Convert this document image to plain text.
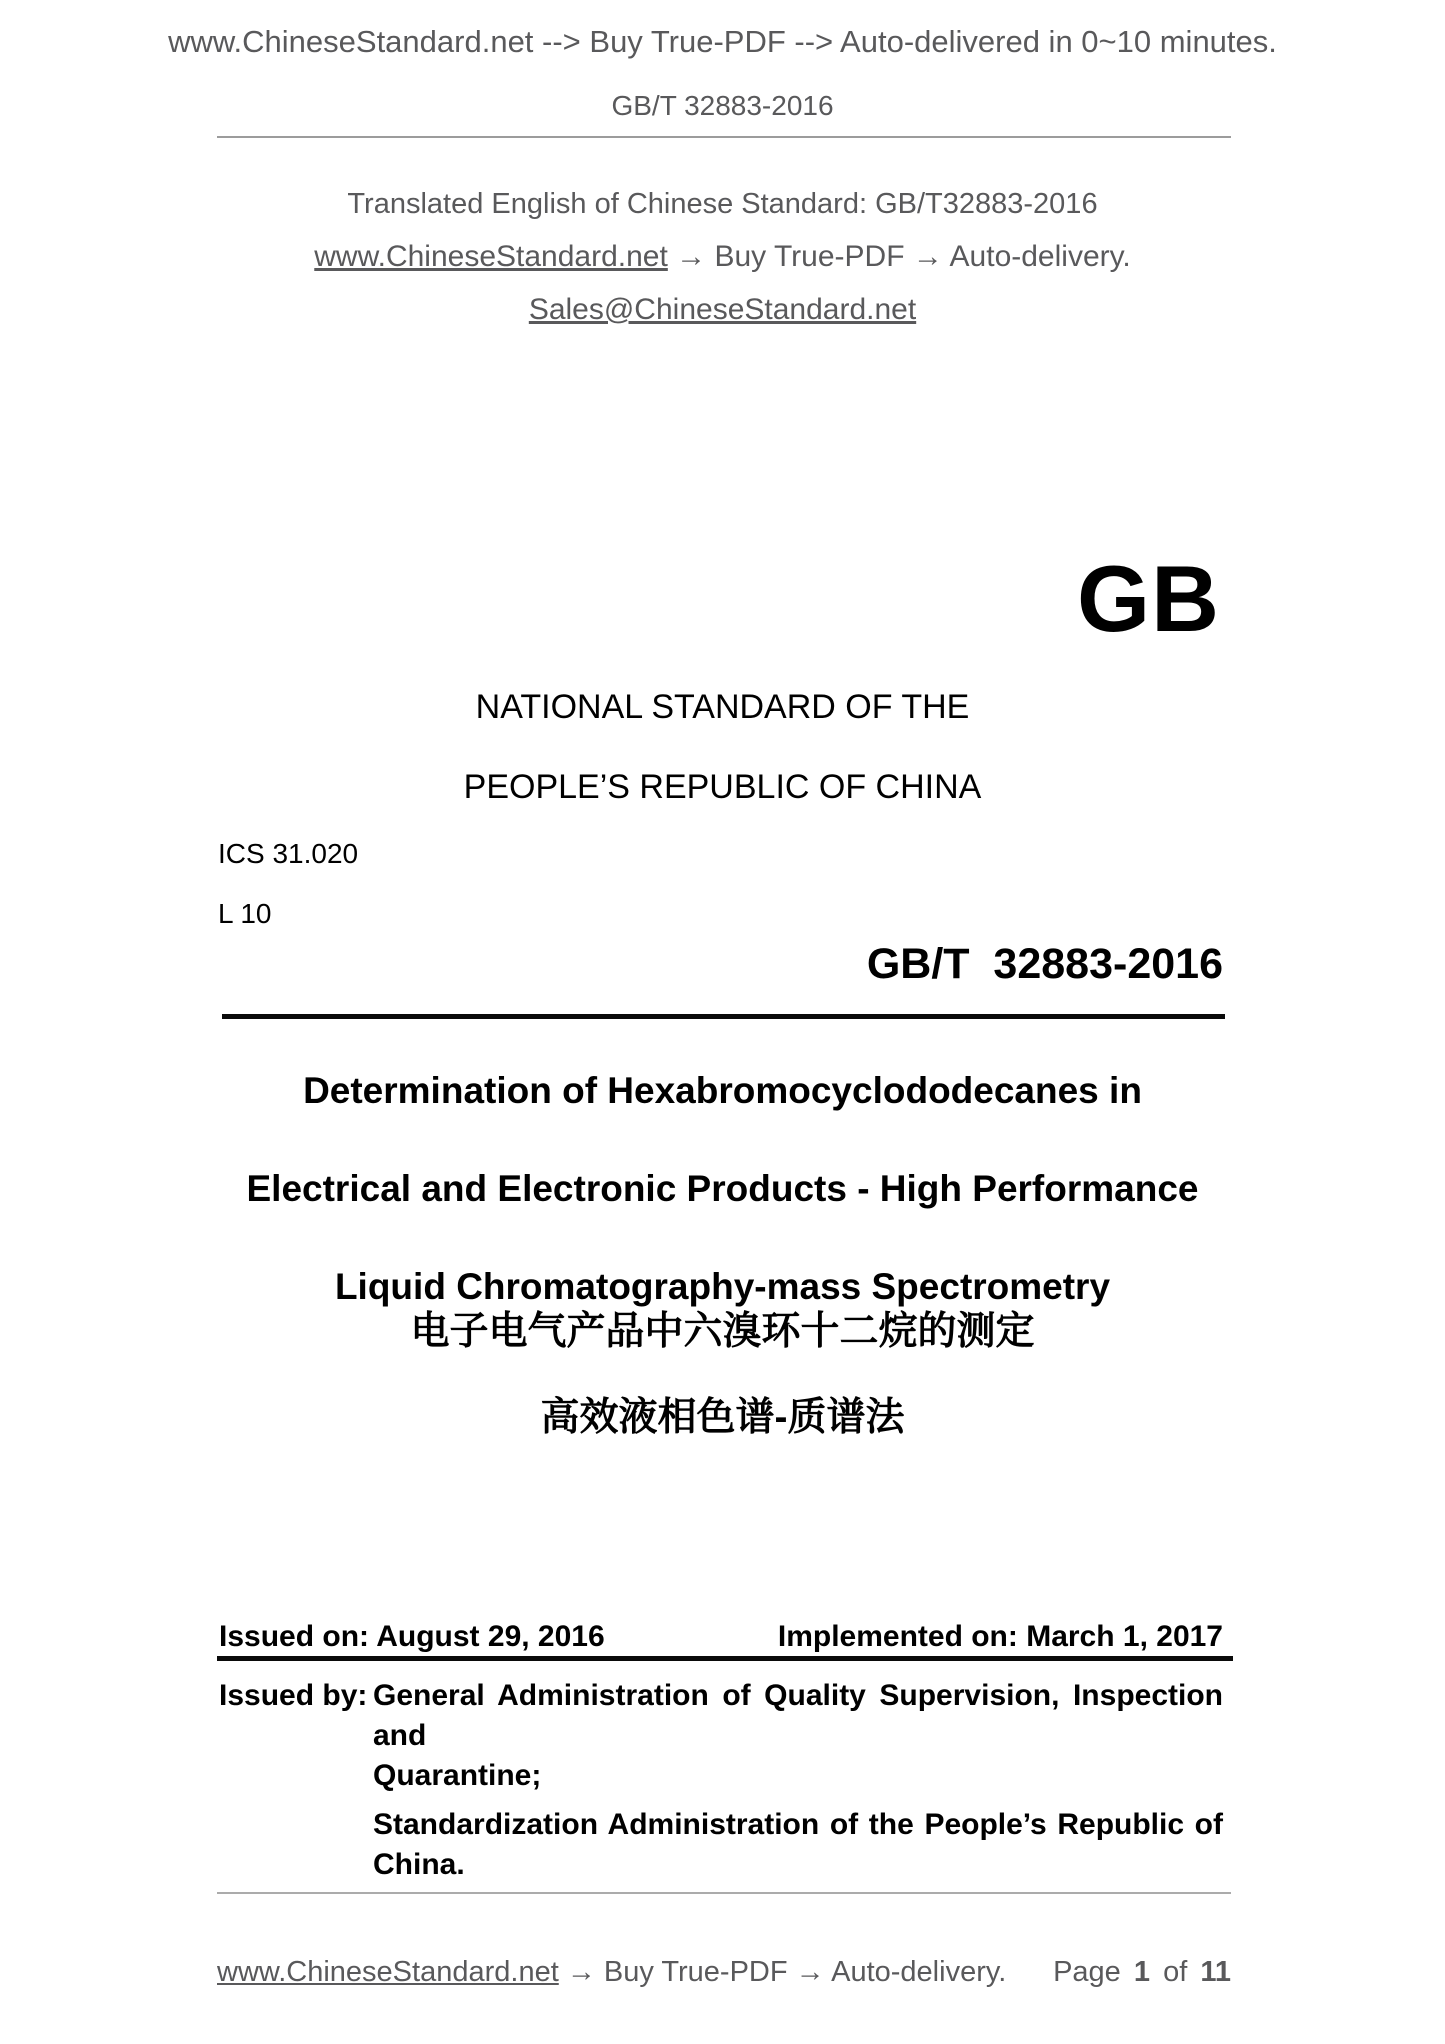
www.ChineseStandard.net --> Buy True-PDF --> Auto-delivered in 0~10 minutes.
GB/T 32883-2016
Translated English of Chinese Standard: GB/T32883-2016
www.ChineseStandard.net → Buy True-PDF → Auto-delivery.
Sales@ChineseStandard.net
GB
NATIONAL STANDARD OF THE
PEOPLE’S REPUBLIC OF CHINA
ICS 31.020
L 10
GB/T  32883-2016
Determination of Hexabromocyclododecanes in
Electrical and Electronic Products - High Performance
Liquid Chromatography-mass Spectrometry
电子电气产品中六溴环十二烷的测定
高效液相色谱-质谱法
Issued on: August 29, 2016	Implemented on: March 1, 2017
Issued by: General Administration of Quality Supervision, Inspection and
Quarantine;
Standardization Administration of the People’s Republic of
China.
www.ChineseStandard.net → Buy True-PDF → Auto-delivery. Page 1 of 11
